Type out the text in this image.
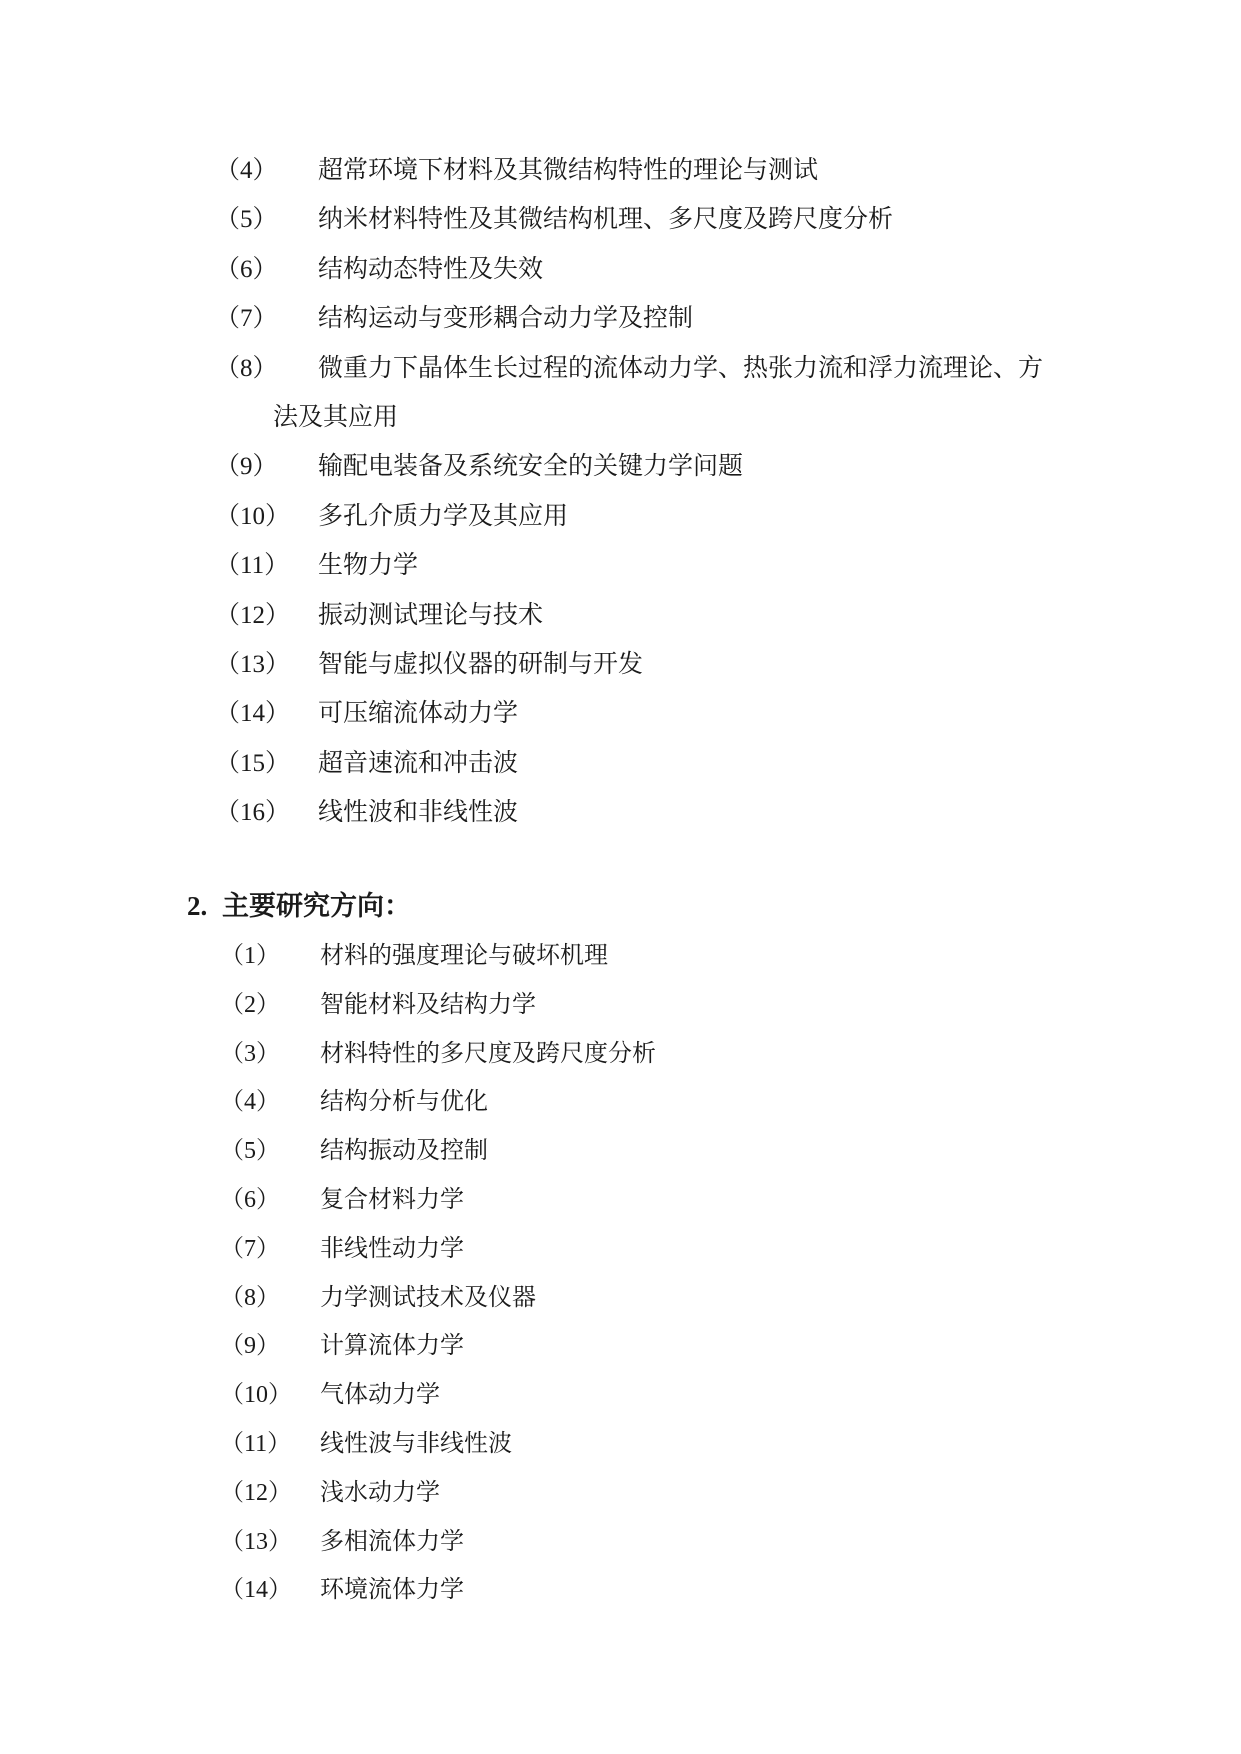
（4） 超常环境下材料及其微结构特性的理论与测试
（5） 纳米材料特性及其微结构机理、多尺度及跨尺度分析
（6） 结构动态特性及失效
（7） 结构运动与变形耦合动力学及控制
（8） 微重力下晶体生长过程的流体动力学、热张力流和浮力流理论、方
法及其应用
（9） 输配电装备及系统安全的关键力学问题
（10） 多孔介质力学及其应用
（11） 生物力学
（12） 振动测试理论与技术
（13） 智能与虚拟仪器的研制与开发
（14） 可压缩流体动力学
（15） 超音速流和冲击波
（16） 线性波和非线性波
2. 主要研究方向：
（1） 材料的强度理论与破坏机理
（2） 智能材料及结构力学
（3） 材料特性的多尺度及跨尺度分析
（4） 结构分析与优化
（5） 结构振动及控制
（6） 复合材料力学
（7） 非线性动力学
（8） 力学测试技术及仪器
（9） 计算流体力学
（10） 气体动力学
（11） 线性波与非线性波
（12） 浅水动力学
（13） 多相流体力学
（14） 环境流体力学
